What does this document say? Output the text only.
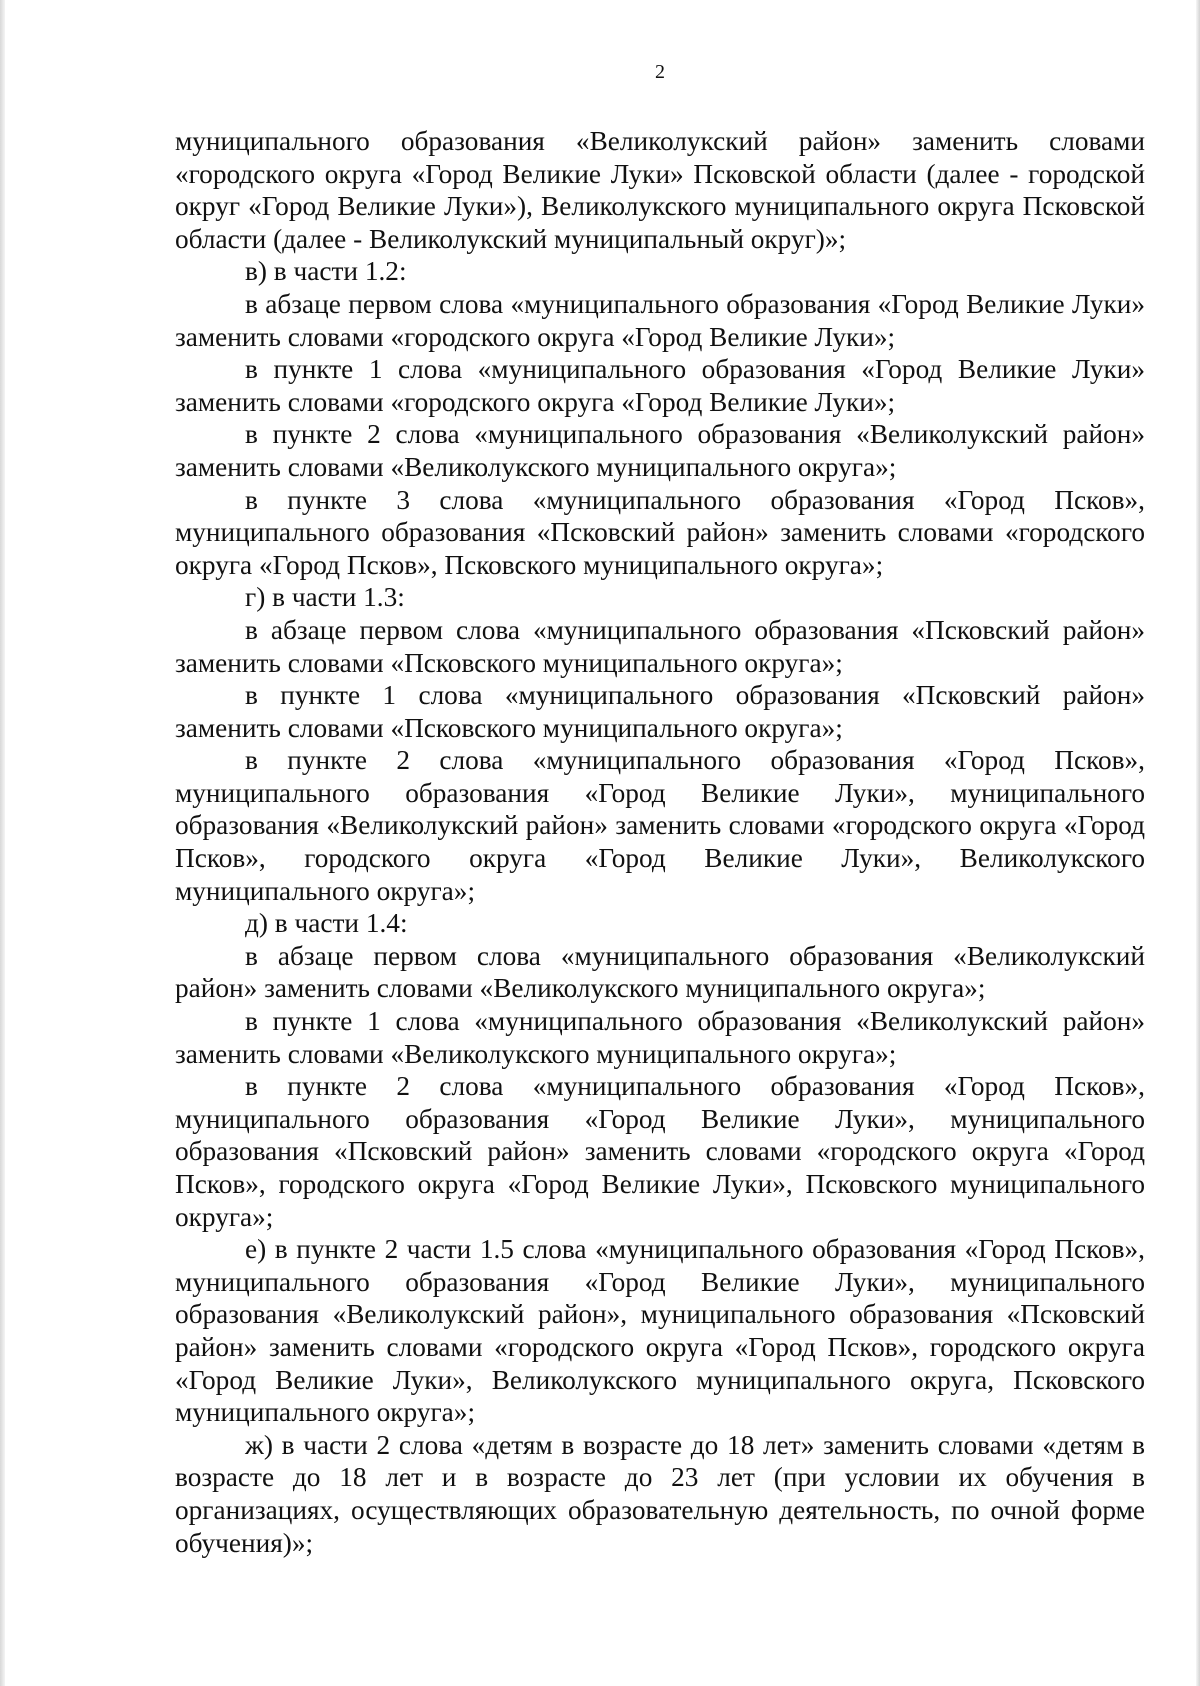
2

муниципального образования «Великолукский район» заменить словами «городского округа «Город Великие Луки» Псковской области (далее - городской округ «Город Великие Луки»), Великолукского муниципального округа Псковской области (далее - Великолукский муниципальный округ)»;

в) в части 1.2:

в абзаце первом слова «муниципального образования «Город Великие Луки» заменить словами «городского округа «Город Великие Луки»;

в пункте 1 слова «муниципального образования «Город Великие Луки» заменить словами «городского округа «Город Великие Луки»;

в пункте 2 слова «муниципального образования «Великолукский район» заменить словами «Великолукского муниципального округа»;

в пункте 3 слова «муниципального образования «Город Псков», муниципального образования «Псковский район» заменить словами «городского округа «Город Псков», Псковского муниципального округа»;

г) в части 1.3:

в абзаце первом слова «муниципального образования «Псковский район» заменить словами «Псковского муниципального округа»;

в пункте 1 слова «муниципального образования «Псковский район» заменить словами «Псковского муниципального округа»;

в пункте 2 слова «муниципального образования «Город Псков», муниципального образования «Город Великие Луки», муниципального образования «Великолукский район» заменить словами «городского округа «Город Псков», городского округа «Город Великие Луки», Великолукского муниципального округа»;

д) в части 1.4:

в абзаце первом слова «муниципального образования «Великолукский район» заменить словами «Великолукского муниципального округа»;

в пункте 1 слова «муниципального образования «Великолукский район» заменить словами «Великолукского муниципального округа»;

в пункте 2 слова «муниципального образования «Город Псков», муниципального образования «Город Великие Луки», муниципального образования «Псковский район» заменить словами «городского округа «Город Псков», городского округа «Город Великие Луки», Псковского муниципального округа»;

е) в пункте 2 части 1.5 слова «муниципального образования «Город Псков», муниципального образования «Город Великие Луки», муниципального образования «Великолукский район», муниципального образования «Псковский район» заменить словами «городского округа «Город Псков», городского округа «Город Великие Луки», Великолукского муниципального округа, Псковского муниципального округа»;

ж) в части 2 слова «детям в возрасте до 18 лет» заменить словами «детям в возрасте до 18 лет и в возрасте до 23 лет (при условии их обучения в организациях, осуществляющих образовательную деятельность, по очной форме обучения)»;
